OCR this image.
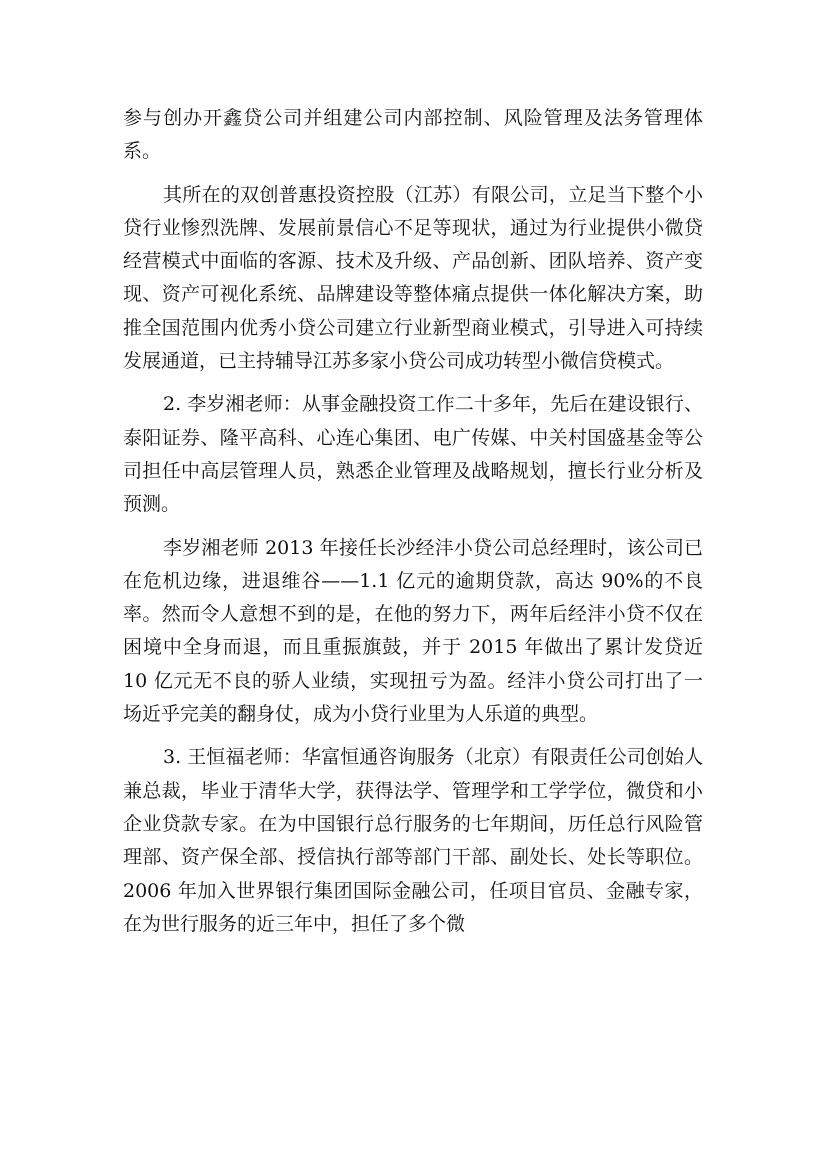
参与创办开鑫贷公司并组建公司内部控制、风险管理及法务管理体系。

其所在的双创普惠投资控股（江苏）有限公司，立足当下整个小贷行业惨烈洗牌、发展前景信心不足等现状，通过为行业提供小微贷经营模式中面临的客源、技术及升级、产品创新、团队培养、资产变现、资产可视化系统、品牌建设等整体痛点提供一体化解决方案，助推全国范围内优秀小贷公司建立行业新型商业模式，引导进入可持续发展通道，已主持辅导江苏多家小贷公司成功转型小微信贷模式。

2. 李岁湘老师：从事金融投资工作二十多年，先后在建设银行、泰阳证券、隆平高科、心连心集团、电广传媒、中关村国盛基金等公司担任中高层管理人员，熟悉企业管理及战略规划，擅长行业分析及预测。

李岁湘老师 2013 年接任长沙经沣小贷公司总经理时，该公司已在危机边缘，进退维谷——1.1 亿元的逾期贷款，高达 90%的不良率。然而令人意想不到的是，在他的努力下，两年后经沣小贷不仅在困境中全身而退，而且重振旗鼓，并于 2015 年做出了累计发贷近 10 亿元无不良的骄人业绩，实现扭亏为盈。经沣小贷公司打出了一场近乎完美的翻身仗，成为小贷行业里为人乐道的典型。

3. 王恒福老师：华富恒通咨询服务（北京）有限责任公司创始人兼总裁，毕业于清华大学，获得法学、管理学和工学学位，微贷和小企业贷款专家。在为中国银行总行服务的七年期间，历任总行风险管理部、资产保全部、授信执行部等部门干部、副处长、处长等职位。2006 年加入世界银行集团国际金融公司，任项目官员、金融专家，在为世行服务的近三年中，担任了多个微
